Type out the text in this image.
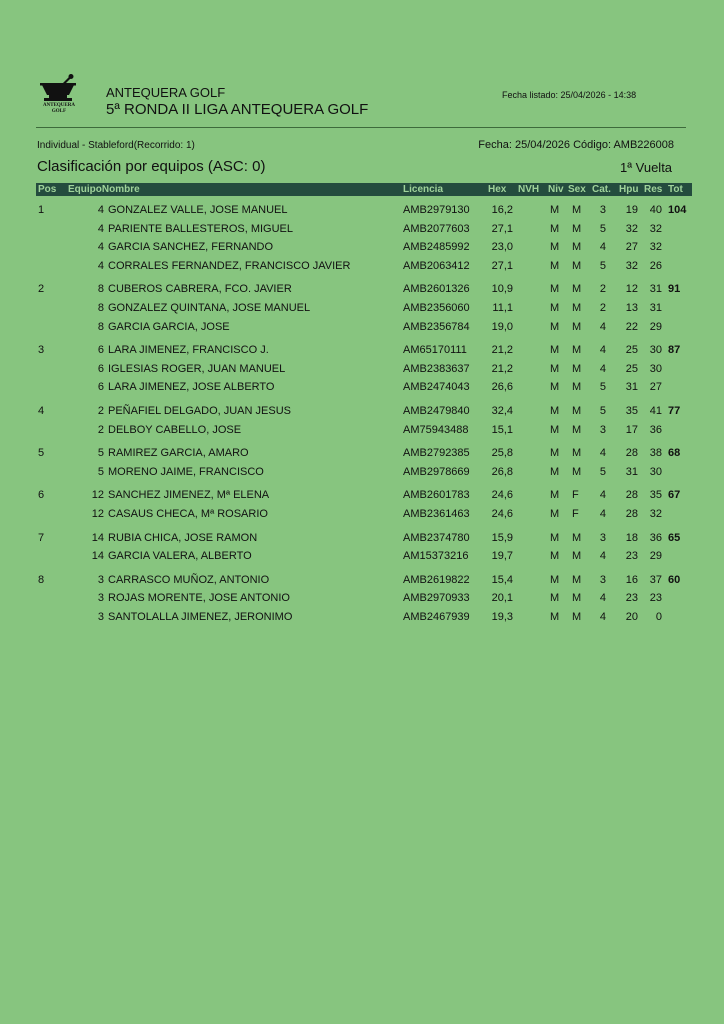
ANTEQUERA
GOLF
ANTEQUERA GOLF
5ª RONDA II LIGA ANTEQUERA GOLF
Fecha listado: 25/04/2026 - 14:38
Individual - Stableford(Recorrido: 1)	Fecha: 25/04/2026 Código: AMB226008
Clasificación por equipos (ASC: 0)	1ª Vuelta
Pos EquipoNombre	Licencia	Hex NVH Niv Sex Cat. Hpu Res Tot
1	4 GONZALEZ VALLE, JOSE MANUEL	AMB2979130	16,2	M M	3	19	40 104
4 PARIENTE BALLESTEROS, MIGUEL	AMB2077603	27,1	M M	5	32	32
4 GARCIA SANCHEZ, FERNANDO	AMB2485992	23,0	M M	4	27	32
4 CORRALES FERNANDEZ, FRANCISCO JAVIER	AMB2063412	27,1	M M	5	32	26
2	8 CUBEROS CABRERA, FCO. JAVIER	AMB2601326	10,9	M M	2	12	31 91
8 GONZALEZ QUINTANA, JOSE MANUEL	AMB2356060	11,1	M M	2	13	31
8 GARCIA GARCIA, JOSE	AMB2356784	19,0	M M	4	22	29
3	6 LARA JIMENEZ, FRANCISCO J.	AM65170111	21,2	M M	4	25	30 87
6 IGLESIAS ROGER, JUAN MANUEL	AMB2383637	21,2	M M	4	25	30
6 LARA JIMENEZ, JOSE ALBERTO	AMB2474043	26,6	M M	5	31	27
4	2 PEÑAFIEL DELGADO, JUAN JESUS	AMB2479840	32,4	M M	5	35	41 77
2 DELBOY CABELLO, JOSE	AM75943488	15,1	M M	3	17	36
5	5 RAMIREZ GARCIA, AMARO	AMB2792385	25,8	M M	4	28	38 68
5 MORENO JAIME, FRANCISCO	AMB2978669	26,8	M M	5	31	30
6	12 SANCHEZ JIMENEZ, Mª ELENA	AMB2601783	24,6	M F	4	28	35 67
12 CASAUS CHECA, Mª ROSARIO	AMB2361463	24,6	M F	4	28	32
7	14 RUBIA CHICA, JOSE RAMON	AMB2374780	15,9	M M	3	18	36 65
14 GARCIA VALERA, ALBERTO	AM15373216	19,7	M M	4	23	29
8	3 CARRASCO MUÑOZ, ANTONIO	AMB2619822	15,4	M M	3	16	37 60
3 ROJAS MORENTE, JOSE ANTONIO	AMB2970933	20,1	M M	4	23	23
3 SANTOLALLA JIMENEZ, JERONIMO	AMB2467939	19,3	M M	4	20	0
